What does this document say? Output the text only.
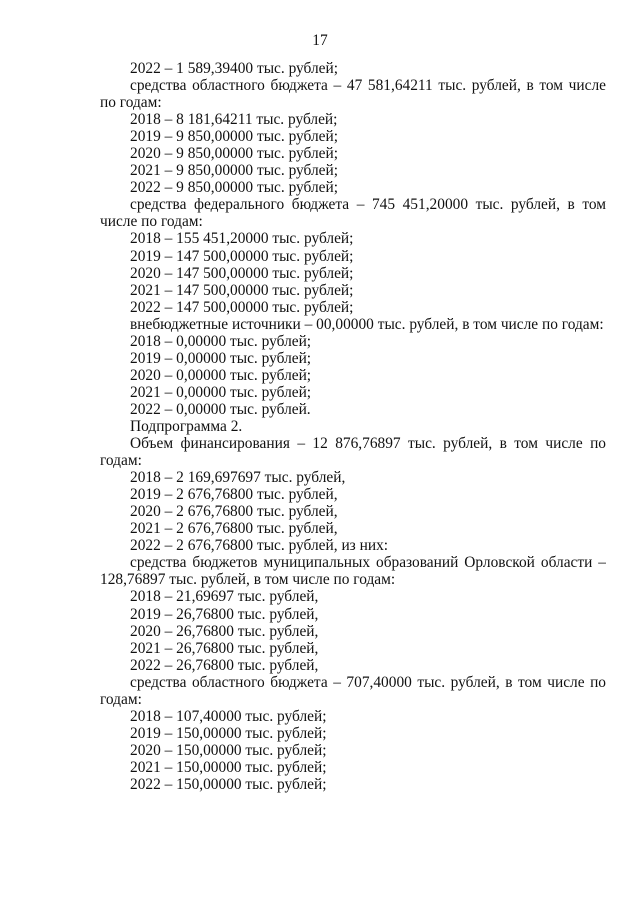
17
2022 – 1 589,39400 тыс. рублей;
средства областного бюджета – 47 581,64211 тыс. рублей, в том числе
по годам:
2018 – 8 181,64211 тыс. рублей;
2019 – 9 850,00000 тыс. рублей;
2020 – 9 850,00000 тыс. рублей;
2021 – 9 850,00000 тыс. рублей;
2022 – 9 850,00000 тыс. рублей;
средства федерального бюджета – 745 451,20000 тыс. рублей, в том
числе по годам:
2018 – 155 451,20000 тыс. рублей;
2019 – 147 500,00000 тыс. рублей;
2020 – 147 500,00000 тыс. рублей;
2021 – 147 500,00000 тыс. рублей;
2022 – 147 500,00000 тыс. рублей;
внебюджетные источники – 00,00000 тыс. рублей, в том числе по годам:
2018 – 0,00000 тыс. рублей;
2019 – 0,00000 тыс. рублей;
2020 – 0,00000 тыс. рублей;
2021 – 0,00000 тыс. рублей;
2022 – 0,00000 тыс. рублей.
Подпрограмма 2.
Объем финансирования – 12 876,76897 тыс. рублей, в том числе по
годам:
2018 – 2 169,697697 тыс. рублей,
2019 – 2 676,76800 тыс. рублей,
2020 – 2 676,76800 тыс. рублей,
2021 – 2 676,76800 тыс. рублей,
2022 – 2 676,76800 тыс. рублей, из них:
средства бюджетов муниципальных образований Орловской области –
128,76897 тыс. рублей, в том числе по годам:
2018 – 21,69697 тыс. рублей,
2019 – 26,76800 тыс. рублей,
2020 – 26,76800 тыс. рублей,
2021 – 26,76800 тыс. рублей,
2022 – 26,76800 тыс. рублей,
средства областного бюджета – 707,40000 тыс. рублей, в том числе по
годам:
2018 – 107,40000 тыс. рублей;
2019 – 150,00000 тыс. рублей;
2020 – 150,00000 тыс. рублей;
2021 – 150,00000 тыс. рублей;
2022 – 150,00000 тыс. рублей;
